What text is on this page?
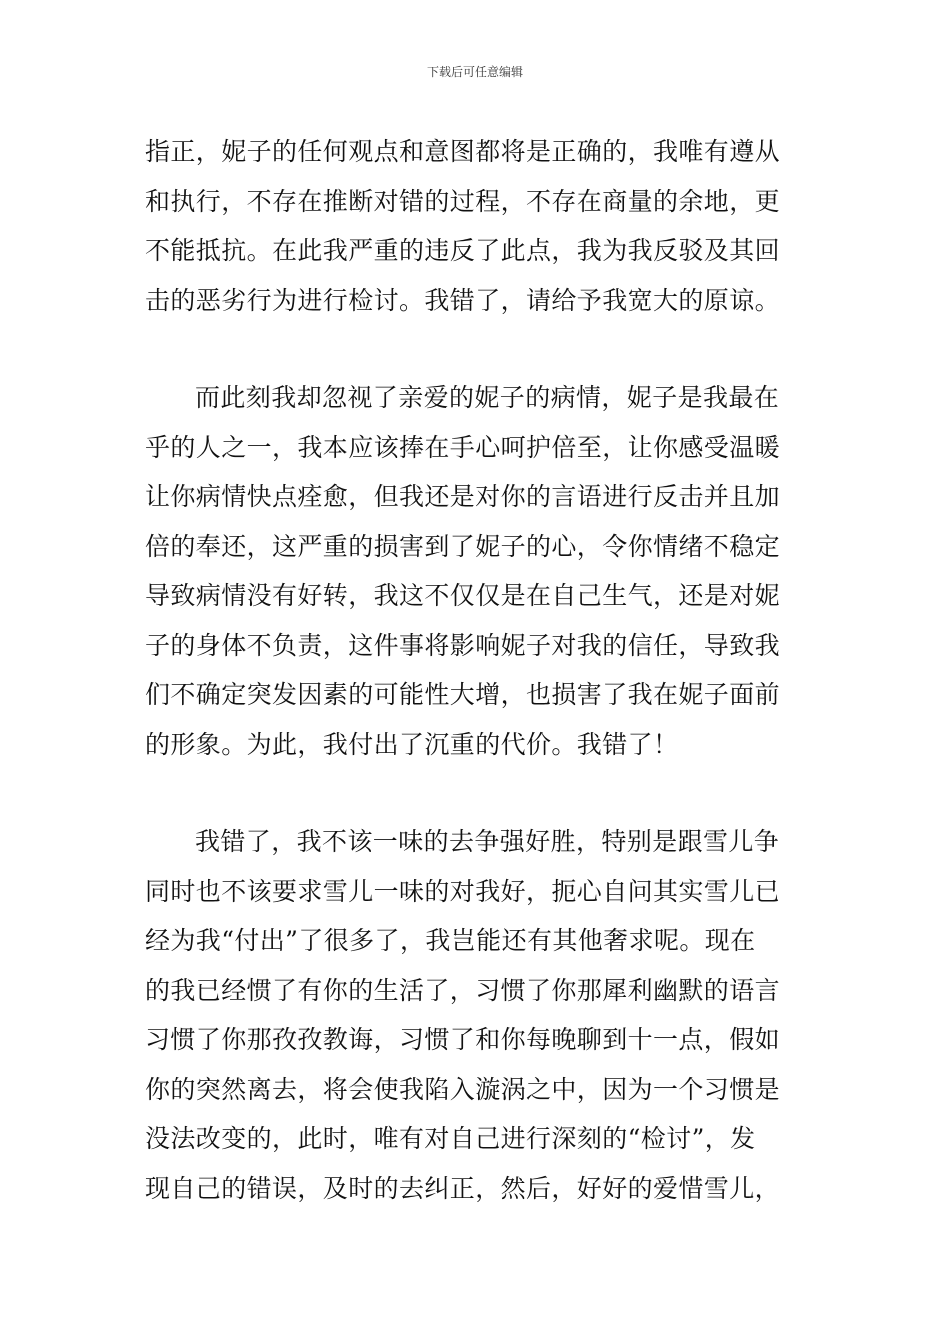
下载后可任意编辑
指正，妮子的任何观点和意图都将是正确的，我唯有遵从
和执行，不存在推断对错的过程，不存在商量的余地，更
不能抵抗。在此我严重的违反了此点，我为我反驳及其回
击的恶劣行为进行检讨。我错了，请给予我宽大的原谅。
而此刻我却忽视了亲爱的妮子的病情，妮子是我最在
乎的人之一，我本应该捧在手心呵护倍至，让你感受温暖
让你病情快点痊愈，但我还是对你的言语进行反击并且加
倍的奉还，这严重的损害到了妮子的心，令你情绪不稳定
导致病情没有好转，我这不仅仅是在自己生气，还是对妮
子的身体不负责，这件事将影响妮子对我的信任，导致我
们不确定突发因素的可能性大增，也损害了我在妮子面前
的形象。为此，我付出了沉重的代价。我错了！
我错了，我不该一味的去争强好胜，特别是跟雪儿争
同时也不该要求雪儿一味的对我好，扼心自问其实雪儿已
经为我“付出”了很多了，我岂能还有其他奢求呢。现在
的我已经惯了有你的生活了，习惯了你那犀利幽默的语言
习惯了你那孜孜教诲，习惯了和你每晚聊到十一点，假如
你的突然离去，将会使我陷入漩涡之中，因为一个习惯是
没法改变的，此时，唯有对自己进行深刻的“检讨”，发
现自己的错误，及时的去纠正，然后，好好的爱惜雪儿，
